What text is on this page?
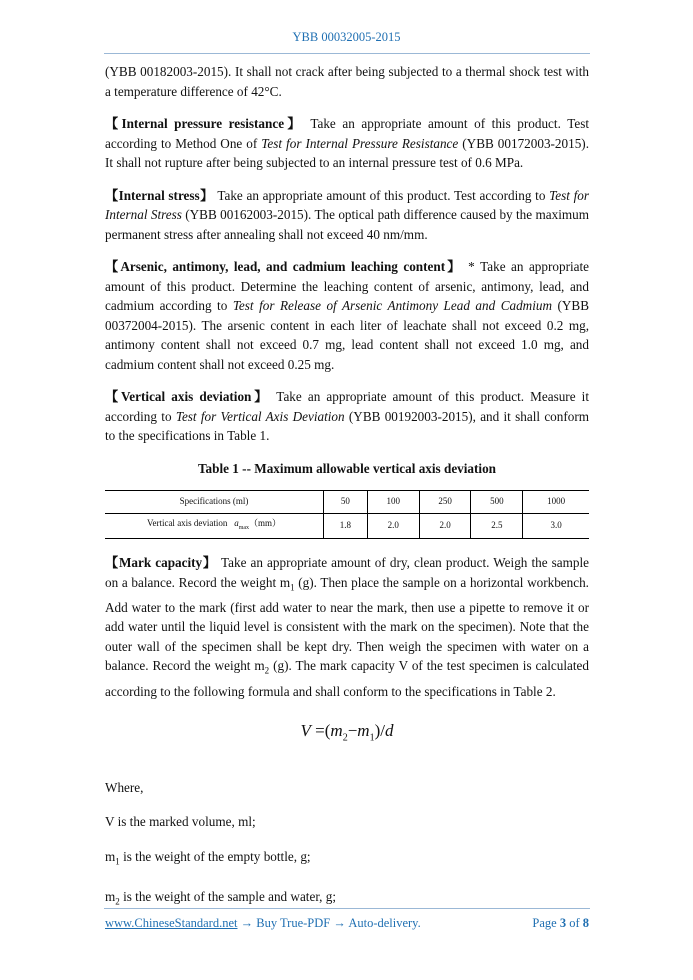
YBB 00032005-2015

(YBB 00182003-2015). It shall not crack after being subjected to a thermal shock test with a temperature difference of 42°C.

【Internal pressure resistance】 Take an appropriate amount of this product. Test according to Method One of Test for Internal Pressure Resistance (YBB 00172003-2015). It shall not rupture after being subjected to an internal pressure test of 0.6 MPa.

【Internal stress】 Take an appropriate amount of this product. Test according to Test for Internal Stress (YBB 00162003-2015). The optical path difference caused by the maximum permanent stress after annealing shall not exceed 40 nm/mm.

【Arsenic, antimony, lead, and cadmium leaching content】 * Take an appropriate amount of this product. Determine the leaching content of arsenic, antimony, lead, and cadmium according to Test for Release of Arsenic Antimony Lead and Cadmium (YBB 00372004-2015). The arsenic content in each liter of leachate shall not exceed 0.2 mg, antimony content shall not exceed 0.7 mg, lead content shall not exceed 1.0 mg, and cadmium content shall not exceed 0.25 mg.

【Vertical axis deviation】 Take an appropriate amount of this product. Measure it according to Test for Vertical Axis Deviation (YBB 00192003-2015), and it shall conform to the specifications in Table 1.

Table 1 -- Maximum allowable vertical axis deviation
Specifications (ml)	50	100	250	500	1000
Vertical axis deviation $a_{max}(mm)$	1.8	2.0	2.0	2.5	3.0

【Mark capacity】 Take an appropriate amount of dry, clean product. Weigh the sample on a balance. Record the weight $m_1$ (g). Then place the sample on a horizontal workbench. Add water to the mark (first add water to near the mark, then use a pipette to remove it or add water until the liquid level is consistent with the mark on the specimen). Note that the outer wall of the specimen shall be kept dry. Then weigh the specimen with water on a balance. Record the weight $m_2$ (g). The mark capacity V of the test specimen is calculated according to the following formula and shall conform to the specifications in Table 2.

$V =(m_2-m_1)/d$

Where,

V is the marked volume, ml;

$m_1$ is the weight of the empty bottle, g;

$m_2$ is the weight of the sample and water, g;

www.ChineseStandard.net → Buy True-PDF → Auto-delivery.	Page 3 of 8
